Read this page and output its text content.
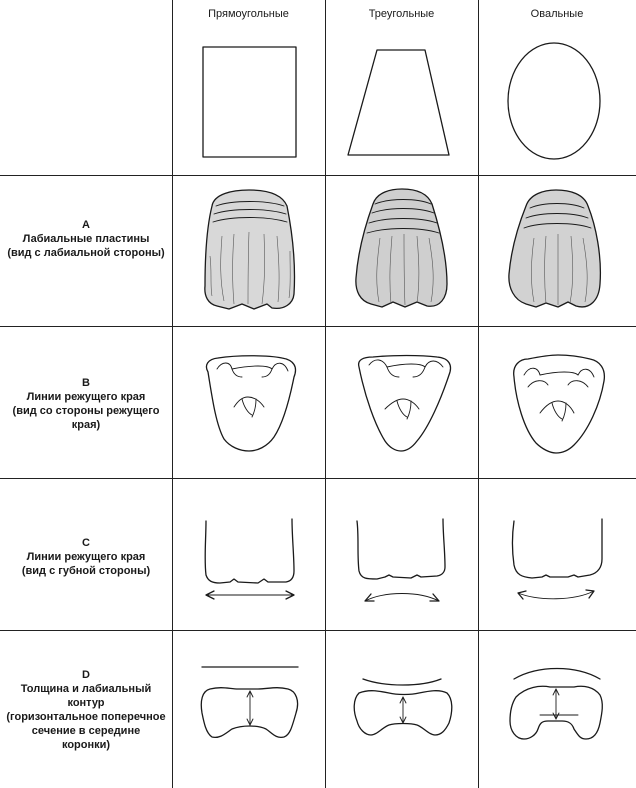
Прямоугольные	Треугольные	Овальные
A
Лабиальные пластины
(вид с лабиальной стороны)
B
Линии режущего края
(вид со стороны режущего
края)
C
Линии режущего края
(вид с губной стороны)
D
Толщина и лабиальный
контур
(горизонтальное поперечное
сечение в середине
коронки)
